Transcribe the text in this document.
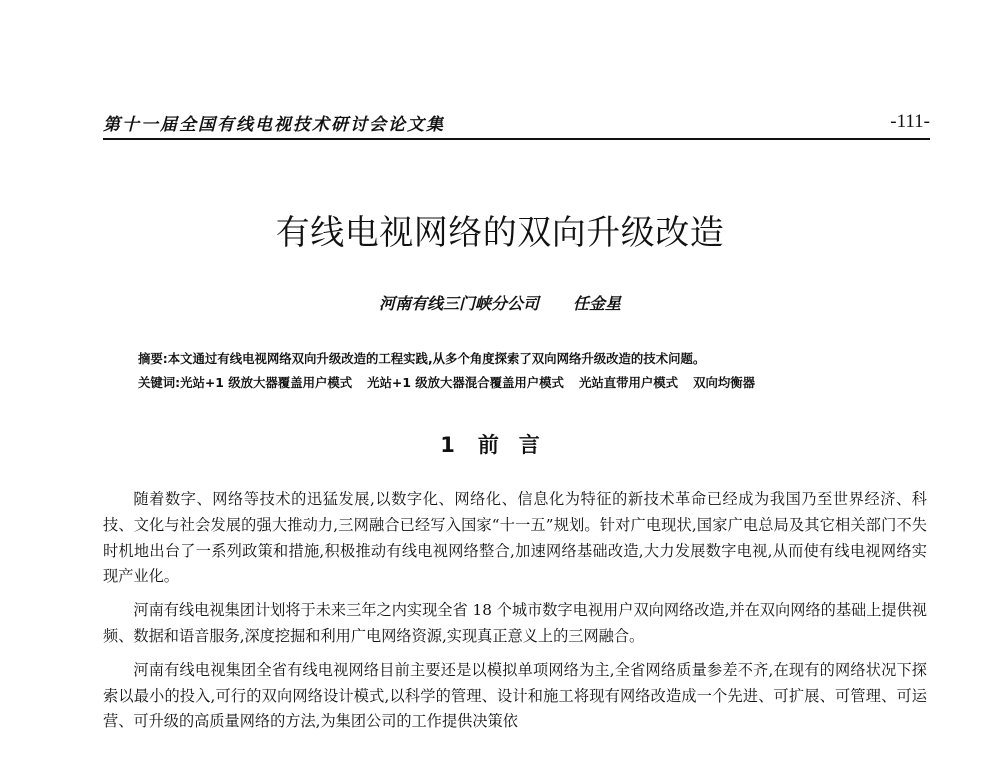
第十一届全国有线电视技术研讨会论文集	-111-
有线电视网络的双向升级改造
河南有线三门峡分公司 任金星
摘要:本文通过有线电视网络双向升级改造的工程实践,从多个角度探索了双向网络升级改造的技术问题。
关键词:光站+1 级放大器覆盖用户模式 光站+1 级放大器混合覆盖用户模式 光站直带用户模式 双向均衡器
1 前言

随着数字、网络等技术的迅猛发展,以数字化、网络化、信息化为特征的新技术革命已经成为我国乃至世界经济、科技、文化与社会发展的强大推动力,三网融合已经写入国家“十一五”规划。针对广电现状,国家广电总局及其它相关部门不失时机地出台了一系列政策和措施,积极推动有线电视网络整合,加速网络基础改造,大力发展数字电视,从而使有线电视网络实现产业化。

河南有线电视集团计划将于未来三年之内实现全省 18 个城市数字电视用户双向网络改造,并在双向网络的基础上提供视频、数据和语音服务,深度挖掘和利用广电网络资源,实现真正意义上的三网融合。

河南有线电视集团全省有线电视网络目前主要还是以模拟单项网络为主,全省网络质量参差不齐,在现有的网络状况下探索以最小的投入,可行的双向网络设计模式,以科学的管理、设计和施工将现有网络改造成一个先进、可扩展、可管理、可运营、可升级的高质量网络的方法,为集团公司的工作提供决策依
